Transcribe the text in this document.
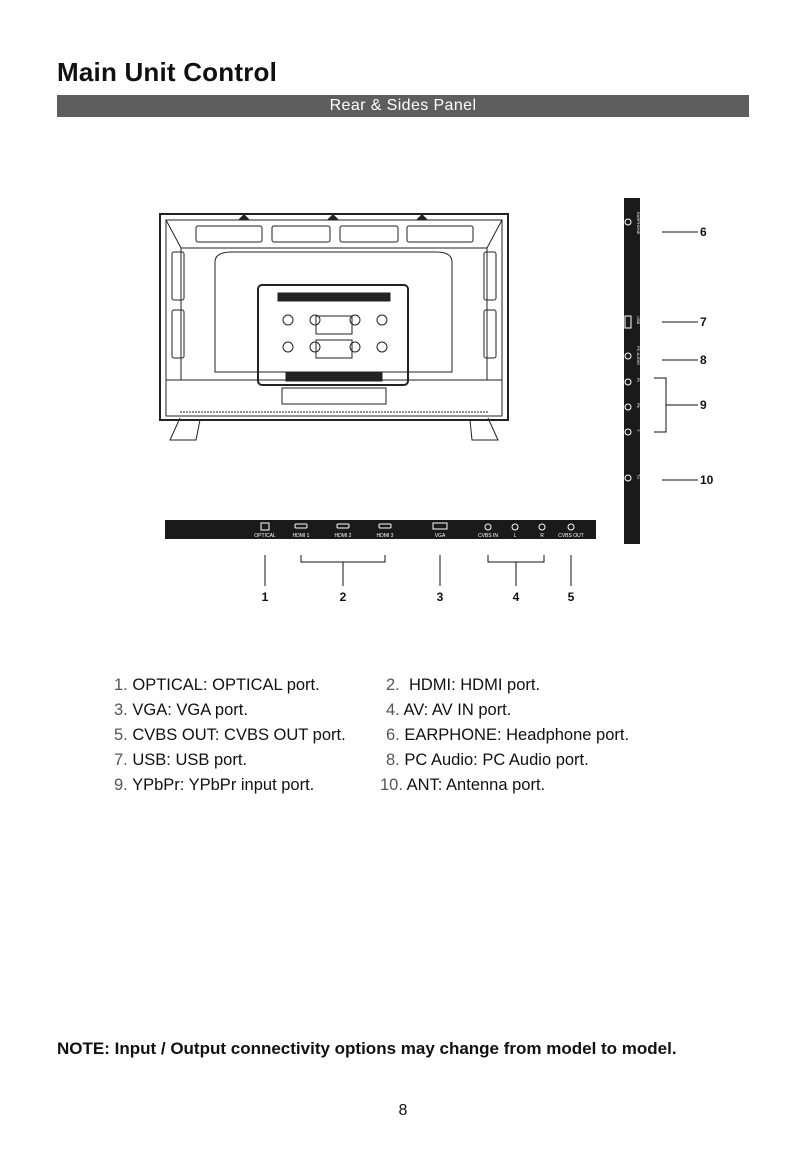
Main Unit Control
Rear & Sides Panel
EARPHONE
USB
PC AUDIO
Pr
Pb
Y
TV
6
7
8
9
10
OPTICAL	HDMI 1	HDMI 2	HDMI 3	VGA	CVBS IN	L	R	CVBS OUT
1	2	3	4	5
1. OPTICAL: OPTICAL port.	2. HDMI: HDMI port.
3. VGA: VGA port.	4. AV: AV IN port.
5. CVBS OUT: CVBS OUT port. 6. EARPHONE: Headphone port.
7. USB: USB port.	8. PC Audio: PC Audio port.
9. YPbPr: YPbPr input port.	10. ANT: Antenna port.
NOTE: Input / Output connectivity options may change from model to model.
8
